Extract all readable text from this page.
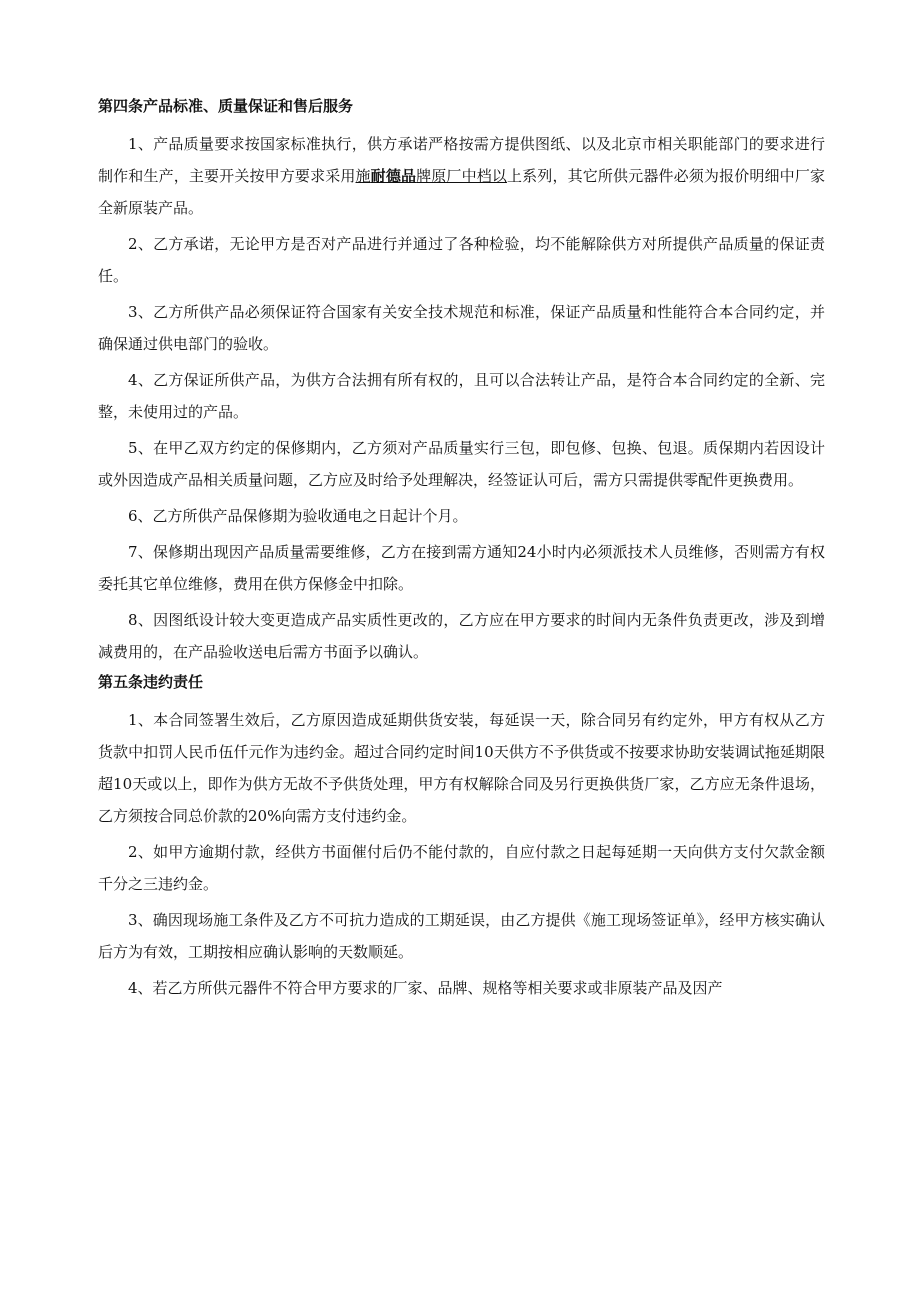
第四条产品标准、质量保证和售后服务

1、产品质量要求按国家标准执行，供方承诺严格按需方提供图纸、以及北京市相关职能部门的要求进行制作和生产，主要开关按甲方要求采用施耐德品牌原厂中档以上系列，其它所供元器件必须为报价明细中厂家全新原装产品。

2、乙方承诺，无论甲方是否对产品进行并通过了各种检验，均不能解除供方对所提供产品质量的保证责任。

3、乙方所供产品必须保证符合国家有关安全技术规范和标准，保证产品质量和性能符合本合同约定，并确保通过供电部门的验收。

4、乙方保证所供产品，为供方合法拥有所有权的，且可以合法转让产品，是符合本合同约定的全新、完整，未使用过的产品。

5、在甲乙双方约定的保修期内，乙方须对产品质量实行三包，即包修、包换、包退。质保期内若因设计或外因造成产品相关质量问题，乙方应及时给予处理解决，经签证认可后，需方只需提供零配件更换费用。

6、乙方所供产品保修期为验收通电之日起计个月。

7、保修期出现因产品质量需要维修，乙方在接到需方通知24小时内必须派技术人员维修，否则需方有权委托其它单位维修，费用在供方保修金中扣除。

8、因图纸设计较大变更造成产品实质性更改的，乙方应在甲方要求的时间内无条件负责更改，涉及到增减费用的，在产品验收送电后需方书面予以确认。

第五条违约责任

1、本合同签署生效后，乙方原因造成延期供货安装，每延误一天，除合同另有约定外，甲方有权从乙方货款中扣罚人民币伍仟元作为违约金。超过合同约定时间10天供方不予供货或不按要求协助安装调试拖延期限超10天或以上，即作为供方无故不予供货处理，甲方有权解除合同及另行更换供货厂家，乙方应无条件退场，乙方须按合同总价款的20%向需方支付违约金。

2、如甲方逾期付款，经供方书面催付后仍不能付款的，自应付款之日起每延期一天向供方支付欠款金额千分之三违约金。

3、确因现场施工条件及乙方不可抗力造成的工期延误，由乙方提供《施工现场签证单》，经甲方核实确认后方为有效，工期按相应确认影响的天数顺延。

4、若乙方所供元器件不符合甲方要求的厂家、品牌、规格等相关要求或非原装产品及因产
